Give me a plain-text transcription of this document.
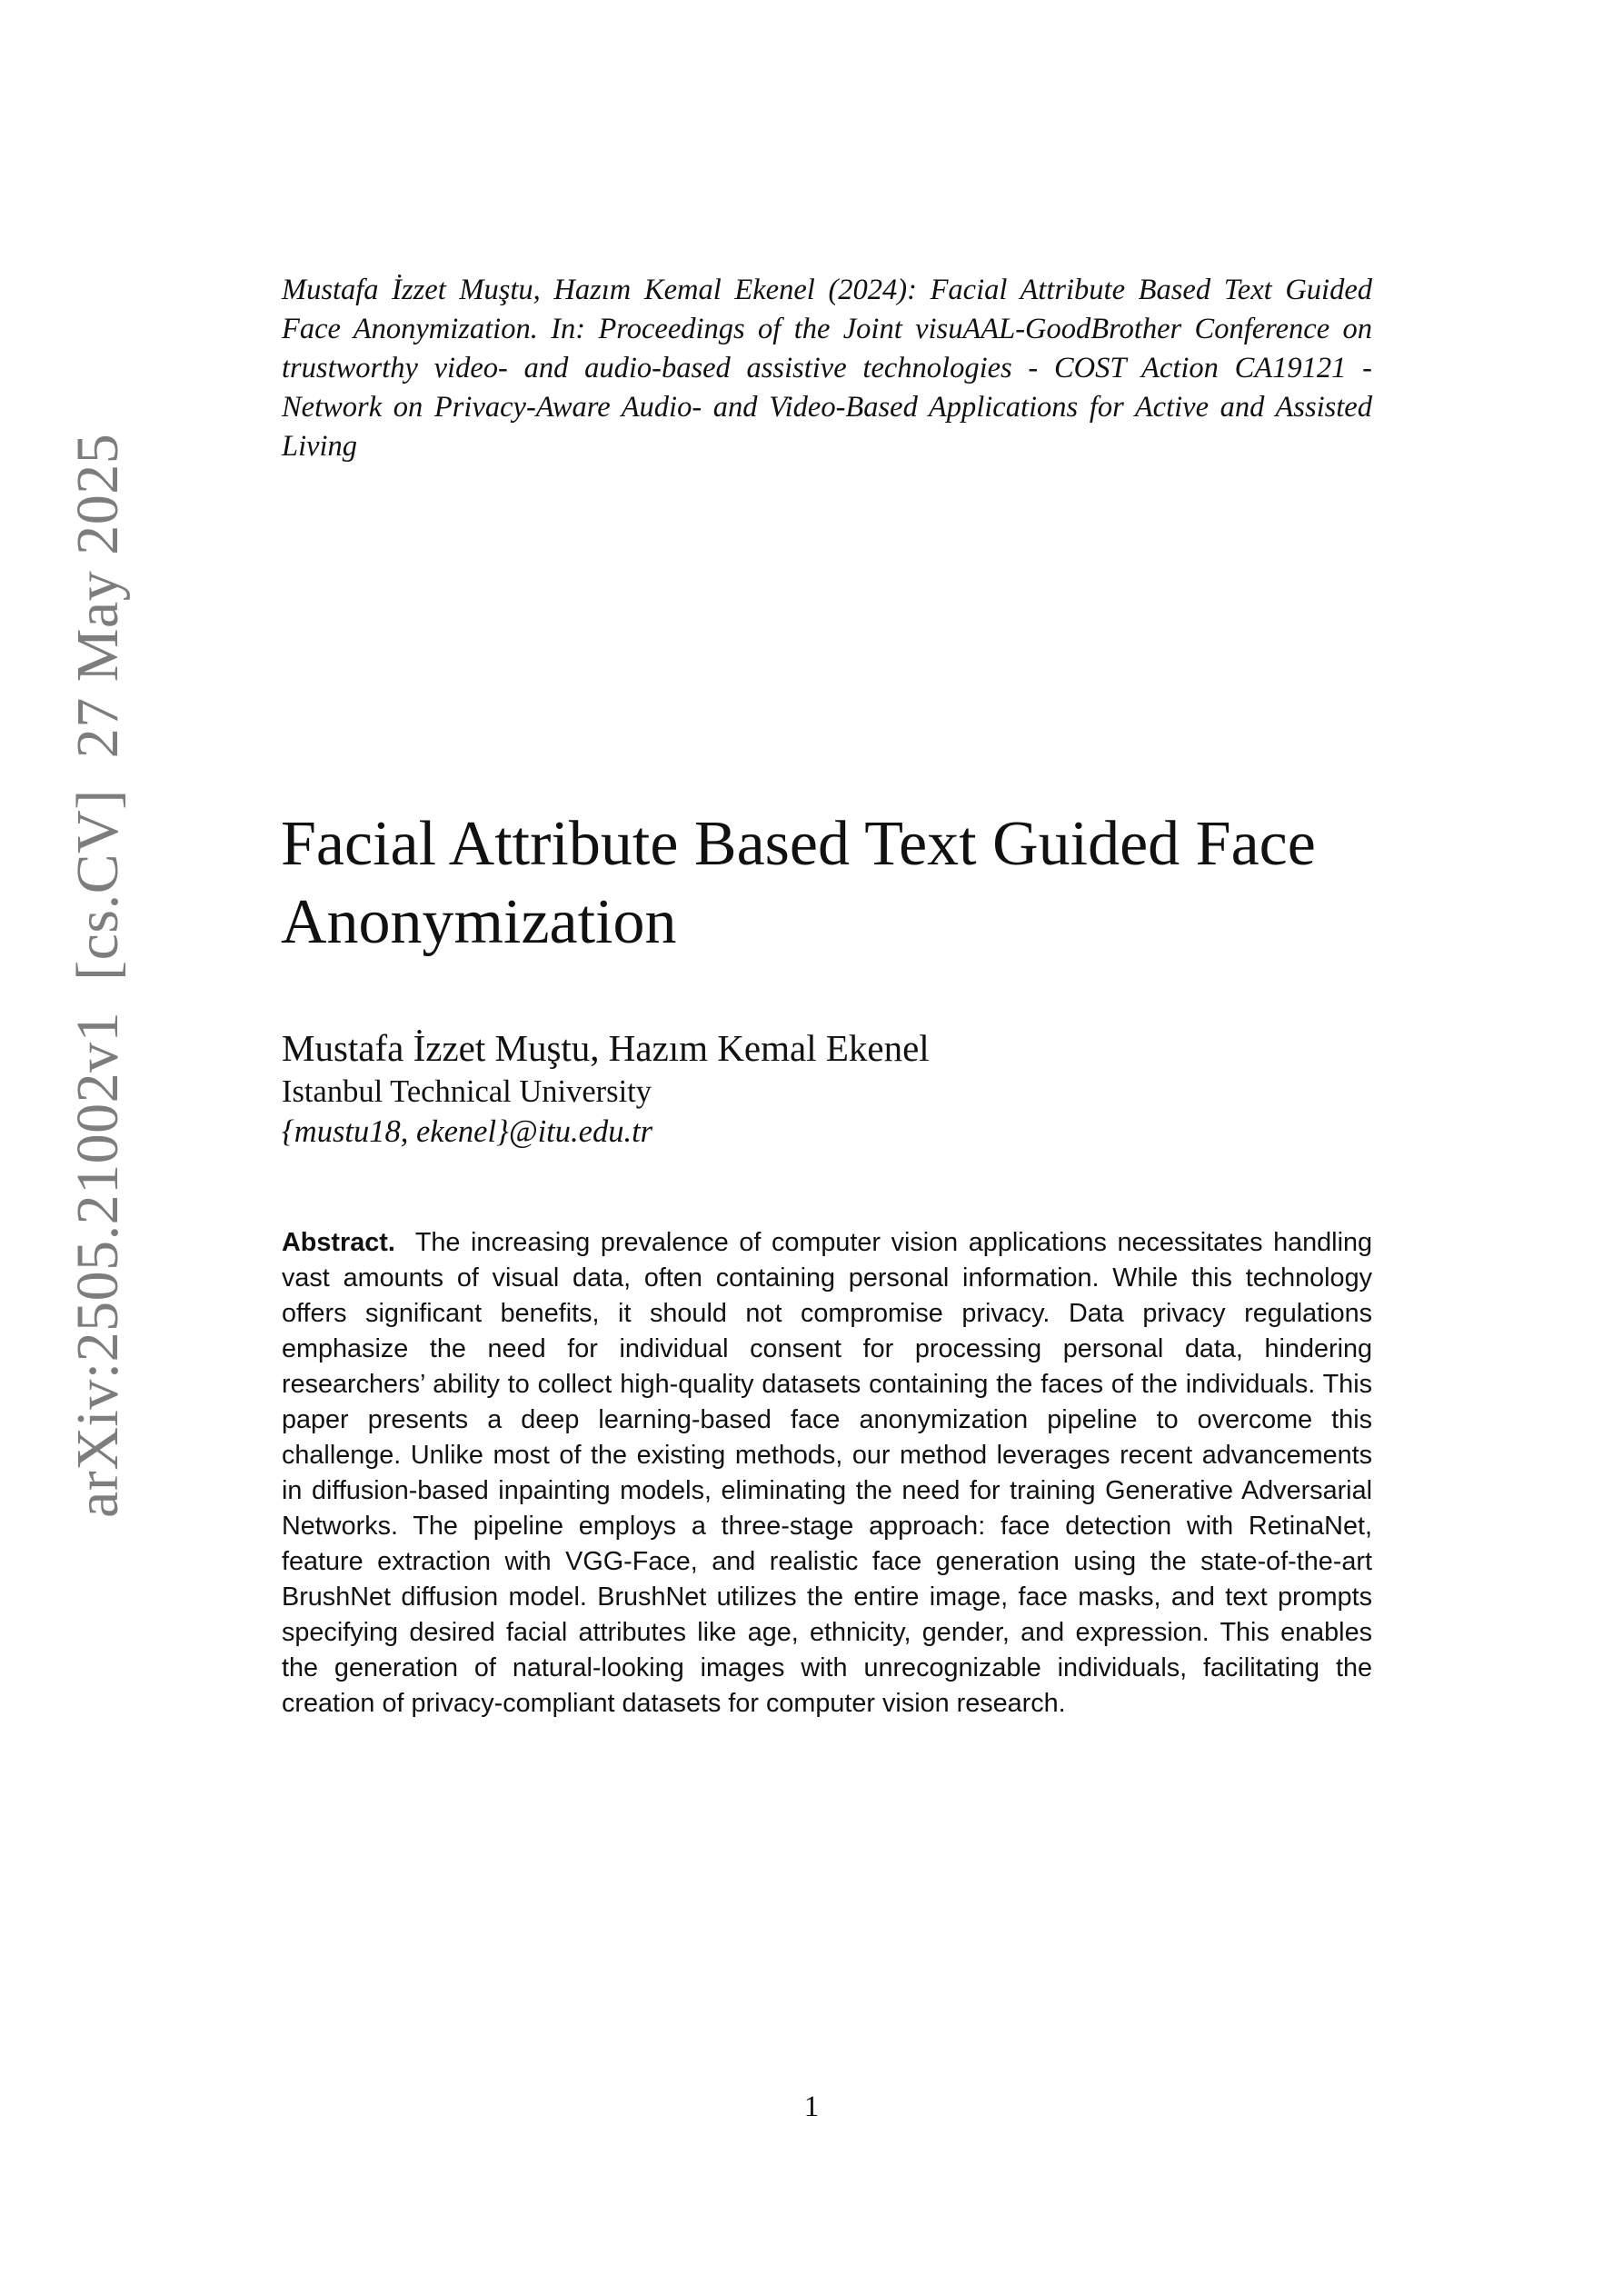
arXiv:2505.21002v1  [cs.CV]  27 May 2025
Mustafa İzzet Muştu, Hazım Kemal Ekenel (2024): Facial Attribute Based Text Guided Face Anonymization. In: Proceedings of the Joint visuAAL-GoodBrother Conference on trustworthy video- and audio-based assistive technologies - COST Action CA19121 - Network on Privacy-Aware Audio- and Video-Based Applications for Active and Assisted Living
Facial Attribute Based Text Guided Face Anonymization
Mustafa İzzet Muştu, Hazım Kemal Ekenel
Istanbul Technical University
{mustu18, ekenel}@itu.edu.tr

Abstract. The increasing prevalence of computer vision applications necessitates handling vast amounts of visual data, often containing personal information. While this technology offers significant benefits, it should not compromise privacy. Data privacy regulations emphasize the need for individual consent for processing personal data, hindering researchers’ ability to collect high-quality datasets containing the faces of the individuals. This paper presents a deep learning-based face anonymization pipeline to overcome this challenge. Unlike most of the existing methods, our method leverages recent advancements in diffusion-based inpainting models, eliminating the need for training Generative Adversarial Networks. The pipeline employs a three-stage approach: face detection with RetinaNet, feature extraction with VGG-Face, and realistic face generation using the state-of-the-art BrushNet diffusion model. BrushNet utilizes the entire image, face masks, and text prompts specifying desired facial attributes like age, ethnicity, gender, and expression. This enables the generation of natural-looking images with unrecognizable individuals, facilitating the creation of privacy-compliant datasets for computer vision research.

1
